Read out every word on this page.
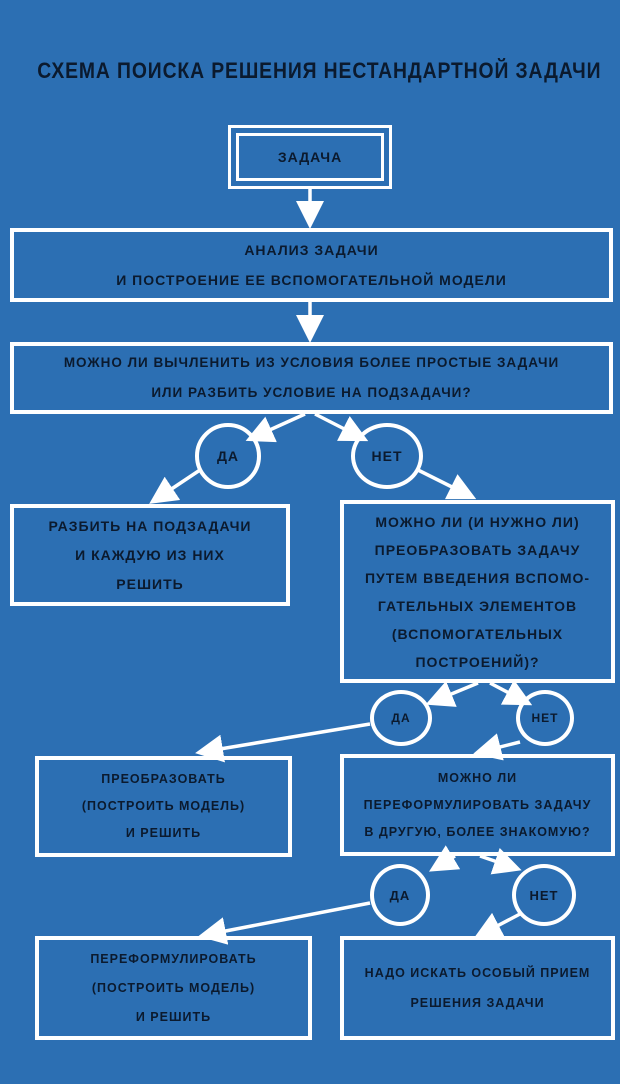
СХЕМА ПОИСКА РЕШЕНИЯ НЕСТАНДАРТНОЙ ЗАДАЧИ
ЗАДАЧА
АНАЛИЗ ЗАДАЧИ
И ПОСТРОЕНИЕ ЕЕ ВСПОМОГАТЕЛЬНОЙ МОДЕЛИ
МОЖНО ЛИ ВЫЧЛЕНИТЬ ИЗ УСЛОВИЯ БОЛЕЕ ПРОСТЫЕ ЗАДАЧИ
ИЛИ РАЗБИТЬ УСЛОВИЕ НА ПОДЗАДАЧИ?
ДА	НЕТ
РАЗБИТЬ НА ПОДЗАДАЧИ
И КАЖДУЮ ИЗ НИХ
РЕШИТЬ
МОЖНО ЛИ (И НУЖНО ЛИ)
ПРЕОБРАЗОВАТЬ ЗАДАЧУ
ПУТЕМ ВВЕДЕНИЯ ВСПОМО-
ГАТЕЛЬНЫХ ЭЛЕМЕНТОВ
(ВСПОМОГАТЕЛЬНЫХ
ПОСТРОЕНИЙ)?
ДА	НЕТ
ПРЕОБРАЗОВАТЬ
(ПОСТРОИТЬ МОДЕЛЬ)
И РЕШИТЬ
МОЖНО ЛИ
ПЕРЕФОРМУЛИРОВАТЬ ЗАДАЧУ
В ДРУГУЮ, БОЛЕЕ ЗНАКОМУЮ?
ДА	НЕТ
ПЕРЕФОРМУЛИРОВАТЬ
(ПОСТРОИТЬ МОДЕЛЬ)
И РЕШИТЬ
НАДО ИСКАТЬ ОСОБЫЙ ПРИЕМ
РЕШЕНИЯ ЗАДАЧИ
